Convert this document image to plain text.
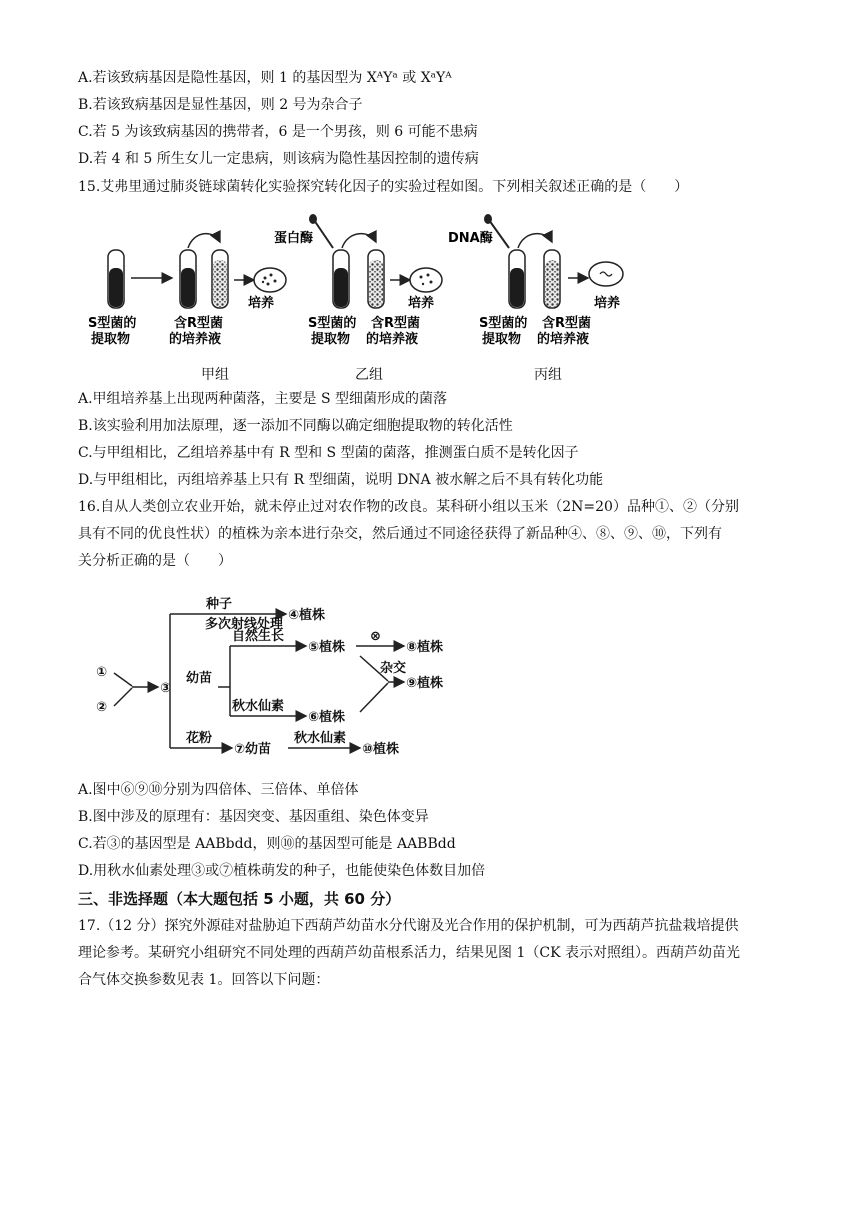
A.若该致病基因是隐性基因，则 1 的基因型为 XᴬYᵃ 或 XᵃYᴬ
B.若该致病基因是显性基因，则 2 号为杂合子
C.若 5 为该致病基因的携带者，6 是一个男孩，则 6 可能不患病
D.若 4 和 5 所生女儿一定患病，则该病为隐性基因控制的遗传病
15.艾弗里通过肺炎链球菌转化实验探究转化因子的实验过程如图。下列相关叙述正确的是（　　）
培养
S型菌的
提取物
含R型菌
的培养液
蛋白酶
培养
S型菌的
提取物
含R型菌
的培养液
DNA酶
培养
S型菌的
提取物
含R型菌
的培养液
甲组	乙组	丙组
A.甲组培养基上出现两种菌落，主要是 S 型细菌形成的菌落
B.该实验利用加法原理，逐一添加不同酶以确定细胞提取物的转化活性
C.与甲组相比，乙组培养基中有 R 型和 S 型菌的菌落，推测蛋白质不是转化因子
D.与甲组相比，丙组培养基上只有 R 型细菌，说明 DNA 被水解之后不具有转化功能
16.自从人类创立农业开始，就未停止过对农作物的改良。某科研小组以玉米（2N=20）品种①、②（分别
具有不同的优良性状）的植株为亲本进行杂交，然后通过不同途径获得了新品种④、⑧、⑨、⑩，下列有
关分析正确的是（　　）
①
②
③
种子
多次射线处理
④植株
幼苗
自然生长
⑤植株
⊗
⑧植株
秋水仙素
⑥植株
杂交
⑨植株
花粉
⑦幼苗
秋水仙素
⑩植株
A.图中⑥⑨⑩分别为四倍体、三倍体、单倍体
B.图中涉及的原理有：基因突变、基因重组、染色体变异
C.若③的基因型是 AABbdd，则⑩的基因型可能是 AABBdd
D.用秋水仙素处理③或⑦植株萌发的种子，也能使染色体数目加倍
三、非选择题（本大题包括 5 小题，共 60 分）
17.（12 分）探究外源硅对盐胁迫下西葫芦幼苗水分代谢及光合作用的保护机制，可为西葫芦抗盐栽培提供
理论参考。某研究小组研究不同处理的西葫芦幼苗根系活力，结果见图 1（CK 表示对照组）。西葫芦幼苗光
合气体交换参数见表 1。回答以下问题：
